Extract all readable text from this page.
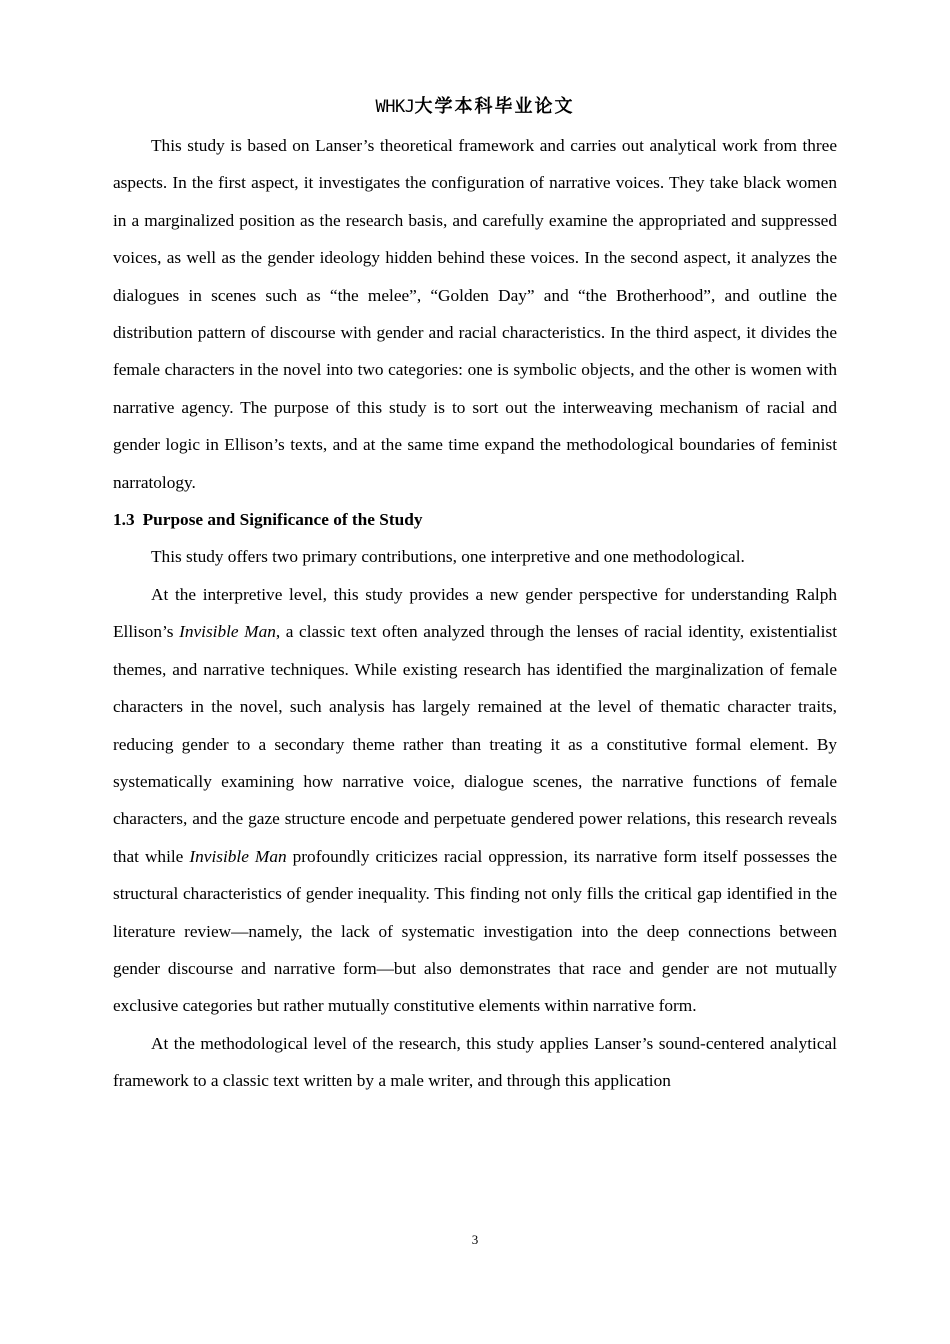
WHKJ大学本科毕业论文

This study is based on Lanser’s theoretical framework and carries out analytical work from three aspects. In the first aspect, it investigates the configuration of narrative voices. They take black women in a marginalized position as the research basis, and carefully examine the appropriated and suppressed voices, as well as the gender ideology hidden behind these voices. In the second aspect, it analyzes the dialogues in scenes such as “the melee”, “Golden Day” and “the Brotherhood”, and outline the distribution pattern of discourse with gender and racial characteristics. In the third aspect, it divides the female characters in the novel into two categories: one is symbolic objects, and the other is women with narrative agency. The purpose of this study is to sort out the interweaving mechanism of racial and gender logic in Ellison’s texts, and at the same time expand the methodological boundaries of feminist narratology.

1.3 Purpose and Significance of the Study

This study offers two primary contributions, one interpretive and one methodological.

At the interpretive level, this study provides a new gender perspective for understanding Ralph Ellison’s Invisible Man, a classic text often analyzed through the lenses of racial identity, existentialist themes, and narrative techniques. While existing research has identified the marginalization of female characters in the novel, such analysis has largely remained at the level of thematic character traits, reducing gender to a secondary theme rather than treating it as a constitutive formal element. By systematically examining how narrative voice, dialogue scenes, the narrative functions of female characters, and the gaze structure encode and perpetuate gendered power relations, this research reveals that while Invisible Man profoundly criticizes racial oppression, its narrative form itself possesses the structural characteristics of gender inequality. This finding not only fills the critical gap identified in the literature review—namely, the lack of systematic investigation into the deep connections between gender discourse and narrative form—but also demonstrates that race and gender are not mutually exclusive categories but rather mutually constitutive elements within narrative form.

At the methodological level of the research, this study applies Lanser’s sound-centered analytical framework to a classic text written by a male writer, and through this application

3
